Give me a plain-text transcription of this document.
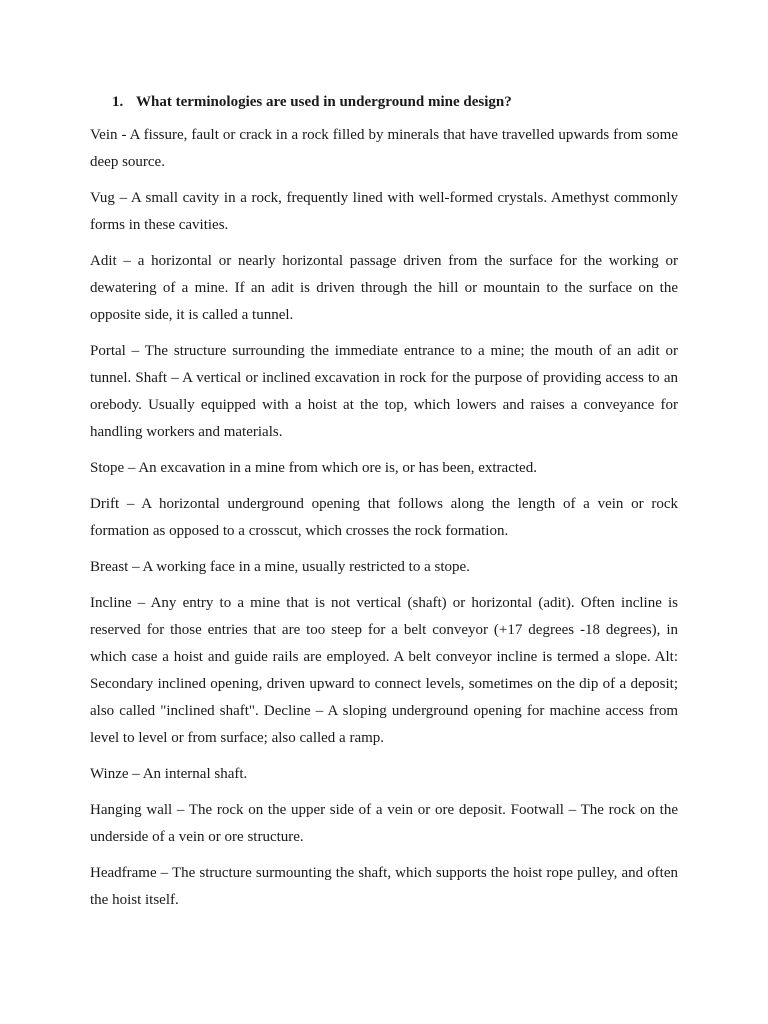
1. What terminologies are used in underground mine design?

Vein - A fissure, fault or crack in a rock filled by minerals that have travelled upwards from some deep source.

Vug – A small cavity in a rock, frequently lined with well-formed crystals. Amethyst commonly forms in these cavities.

Adit – a horizontal or nearly horizontal passage driven from the surface for the working or dewatering of a mine. If an adit is driven through the hill or mountain to the surface on the opposite side, it is called a tunnel.

Portal – The structure surrounding the immediate entrance to a mine; the mouth of an adit or tunnel. Shaft – A vertical or inclined excavation in rock for the purpose of providing access to an orebody. Usually equipped with a hoist at the top, which lowers and raises a conveyance for handling workers and materials.

Stope – An excavation in a mine from which ore is, or has been, extracted.

Drift – A horizontal underground opening that follows along the length of a vein or rock formation as opposed to a crosscut, which crosses the rock formation.

Breast – A working face in a mine, usually restricted to a stope.

Incline – Any entry to a mine that is not vertical (shaft) or horizontal (adit). Often incline is reserved for those entries that are too steep for a belt conveyor (+17 degrees -18 degrees), in which case a hoist and guide rails are employed. A belt conveyor incline is termed a slope. Alt: Secondary inclined opening, driven upward to connect levels, sometimes on the dip of a deposit; also called "inclined shaft". Decline – A sloping underground opening for machine access from level to level or from surface; also called a ramp.

Winze – An internal shaft.

Hanging wall – The rock on the upper side of a vein or ore deposit. Footwall – The rock on the underside of a vein or ore structure.

Headframe – The structure surmounting the shaft, which supports the hoist rope pulley, and often the hoist itself.
